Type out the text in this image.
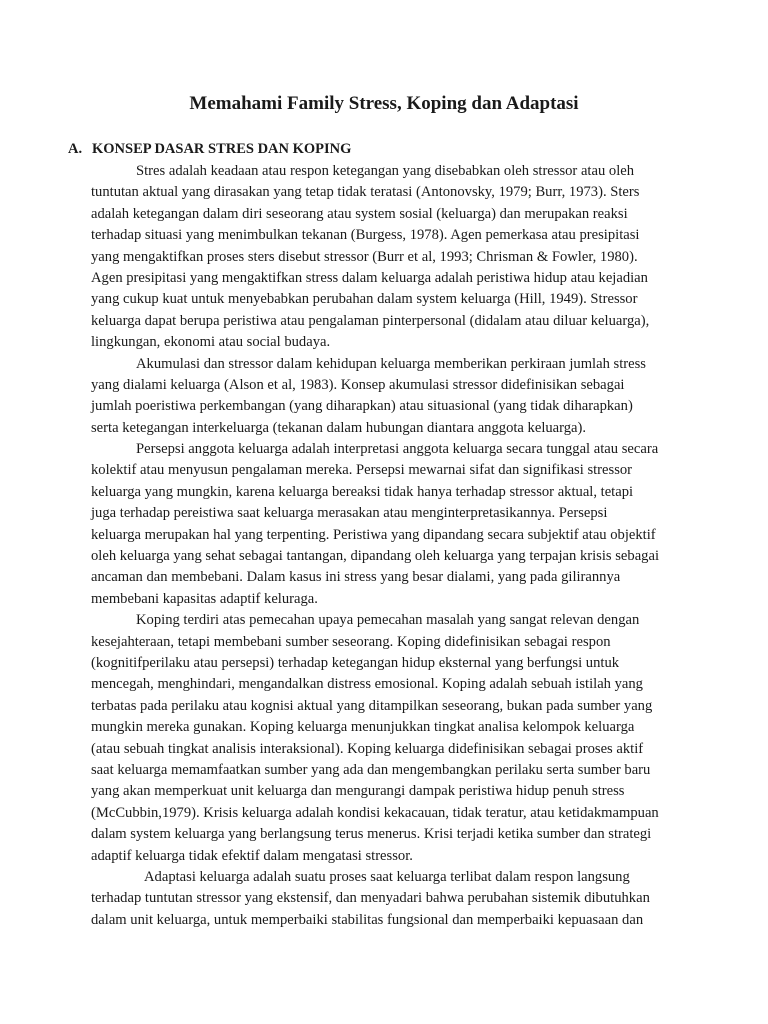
Memahami Family Stress, Koping dan Adaptasi
A. KONSEP DASAR STRES DAN KOPING
Stres adalah keadaan atau respon ketegangan yang disebabkan oleh stressor atau oleh
tuntutan aktual yang dirasakan yang tetap tidak teratasi (Antonovsky, 1979; Burr, 1973). Sters
adalah ketegangan dalam diri seseorang atau system sosial (keluarga) dan merupakan reaksi
terhadap situasi yang menimbulkan tekanan (Burgess, 1978). Agen pemerkasa atau presipitasi
yang mengaktifkan proses sters disebut stressor (Burr et al, 1993; Chrisman & Fowler, 1980).
Agen presipitasi yang mengaktifkan stress dalam keluarga adalah peristiwa hidup atau kejadian
yang cukup kuat untuk menyebabkan perubahan dalam system keluarga (Hill, 1949). Stressor
keluarga dapat berupa peristiwa atau pengalaman pinterpersonal (didalam atau diluar keluarga),
lingkungan, ekonomi atau social budaya.
Akumulasi dan stressor dalam kehidupan keluarga memberikan perkiraan jumlah stress
yang dialami keluarga (Alson et al, 1983). Konsep akumulasi stressor didefinisikan sebagai
jumlah poeristiwa perkembangan (yang diharapkan) atau situasional (yang tidak diharapkan)
serta ketegangan interkeluarga (tekanan dalam hubungan diantara anggota keluarga).
Persepsi anggota keluarga adalah interpretasi anggota keluarga secara tunggal atau secara
kolektif atau menyusun pengalaman mereka. Persepsi mewarnai sifat dan signifikasi stressor
keluarga yang mungkin, karena keluarga bereaksi tidak hanya terhadap stressor aktual, tetapi
juga terhadap pereistiwa saat keluarga merasakan atau menginterpretasikannya. Persepsi
keluarga merupakan hal yang terpenting. Peristiwa yang dipandang secara subjektif atau objektif
oleh keluarga yang sehat sebagai tantangan, dipandang oleh keluarga yang terpajan krisis sebagai
ancaman dan membebani. Dalam kasus ini stress yang besar dialami, yang pada gilirannya
membebani kapasitas adaptif keluraga.
Koping terdiri atas pemecahan upaya pemecahan masalah yang sangat relevan dengan
kesejahteraan, tetapi membebani sumber seseorang. Koping didefinisikan sebagai respon
(kognitifperilaku atau persepsi) terhadap ketegangan hidup eksternal yang berfungsi untuk
mencegah, menghindari, mengandalkan distress emosional. Koping adalah sebuah istilah yang
terbatas pada perilaku atau kognisi aktual yang ditampilkan seseorang, bukan pada sumber yang
mungkin mereka gunakan. Koping keluarga menunjukkan tingkat analisa kelompok keluarga
(atau sebuah tingkat analisis interaksional). Koping keluarga didefinisikan sebagai proses aktif
saat keluarga memamfaatkan sumber yang ada dan mengembangkan perilaku serta sumber baru
yang akan memperkuat unit keluarga dan mengurangi dampak peristiwa hidup penuh stress
(McCubbin,1979). Krisis keluarga adalah kondisi kekacauan, tidak teratur, atau ketidakmampuan
dalam system keluarga yang berlangsung terus menerus. Krisi terjadi ketika sumber dan strategi
adaptif keluarga tidak efektif dalam mengatasi stressor.
Adaptasi keluarga adalah suatu proses saat keluarga terlibat dalam respon langsung
terhadap tuntutan stressor yang ekstensif, dan menyadari bahwa perubahan sistemik dibutuhkan
dalam unit keluarga, untuk memperbaiki stabilitas fungsional dan memperbaiki kepuasaan dan
